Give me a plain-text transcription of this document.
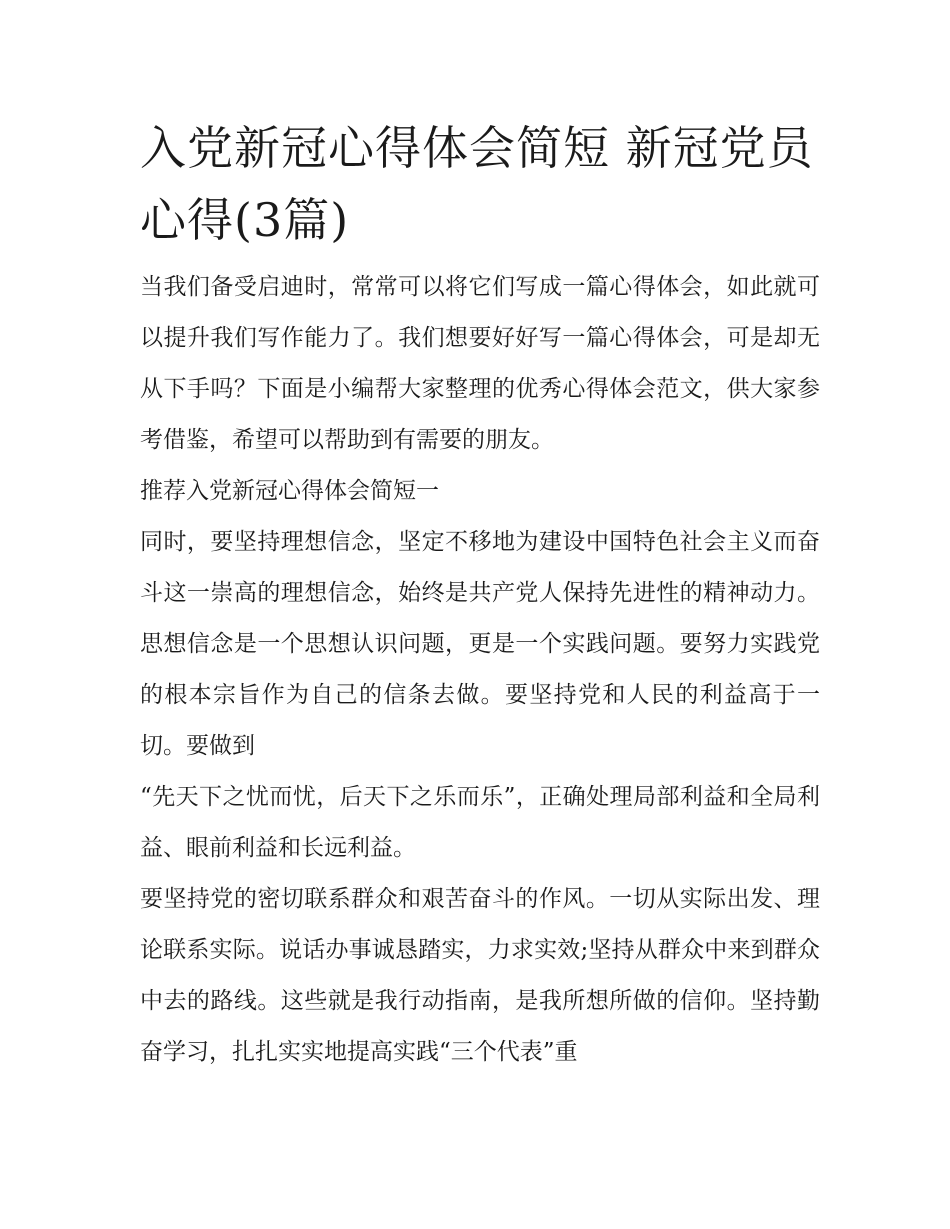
入党新冠心得体会简短 新冠党员心得(3篇)

当我们备受启迪时，常常可以将它们写成一篇心得体会，如此就可以提升我们写作能力了。我们想要好好写一篇心得体会，可是却无从下手吗？下面是小编帮大家整理的优秀心得体会范文，供大家参考借鉴，希望可以帮助到有需要的朋友。

推荐入党新冠心得体会简短一

同时，要坚持理想信念，坚定不移地为建设中国特色社会主义而奋斗这一崇高的理想信念，始终是共产党人保持先进性的精神动力。思想信念是一个思想认识问题，更是一个实践问题。要努力实践党的根本宗旨作为自己的信条去做。要坚持党和人民的利益高于一切。要做到

“先天下之忧而忧，后天下之乐而乐”，正确处理局部利益和全局利益、眼前利益和长远利益。

要坚持党的密切联系群众和艰苦奋斗的作风。一切从实际出发、理论联系实际。说话办事诚恳踏实，力求实效;坚持从群众中来到群众中去的路线。这些就是我行动指南，是我所想所做的信仰。坚持勤奋学习，扎扎实实地提高实践“三个代表”重
